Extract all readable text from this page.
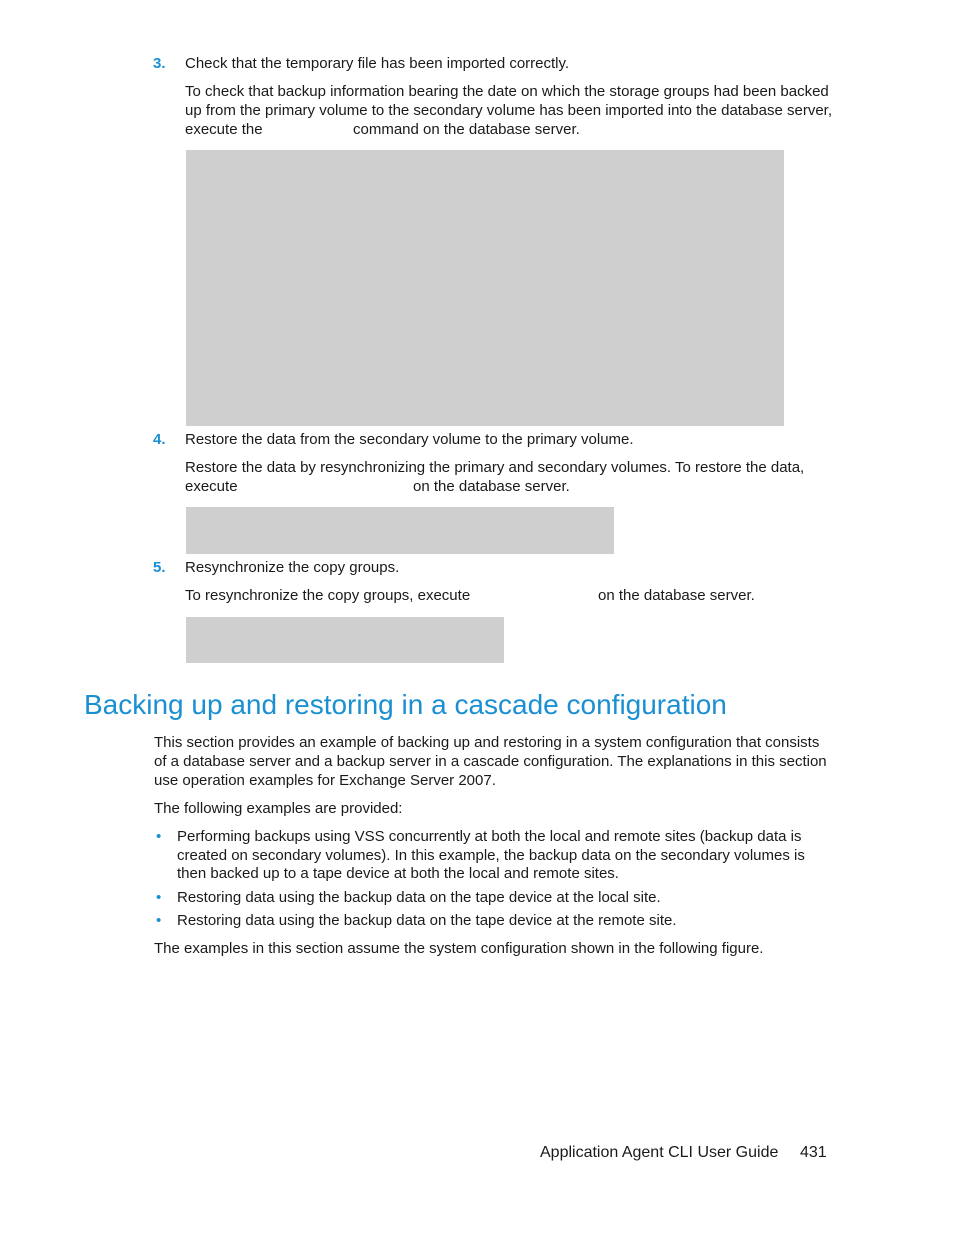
3. Check that the temporary file has been imported correctly.
To check that backup information bearing the date on which the storage groups had been backed
up from the primary volume to the secondary volume has been imported into the database server,
execute the	command on the database server.
4. Restore the data from the secondary volume to the primary volume.
Restore the data by resynchronizing the primary and secondary volumes. To restore the data,
execute	on the database server.
5. Resynchronize the copy groups.
To resynchronize the copy groups, execute	on the database server.
Backing up and restoring in a cascade configuration
This section provides an example of backing up and restoring in a system configuration that consists
of a database server and a backup server in a cascade configuration. The explanations in this section
use operation examples for Exchange Server 2007.
The following examples are provided:
• Performing backups using VSS concurrently at both the local and remote sites (backup data is
created on secondary volumes). In this example, the backup data on the secondary volumes is
then backed up to a tape device at both the local and remote sites.
• Restoring data using the backup data on the tape device at the local site.
• Restoring data using the backup data on the tape device at the remote site.
The examples in this section assume the system configuration shown in the following figure.
Application Agent CLI User Guide 431
